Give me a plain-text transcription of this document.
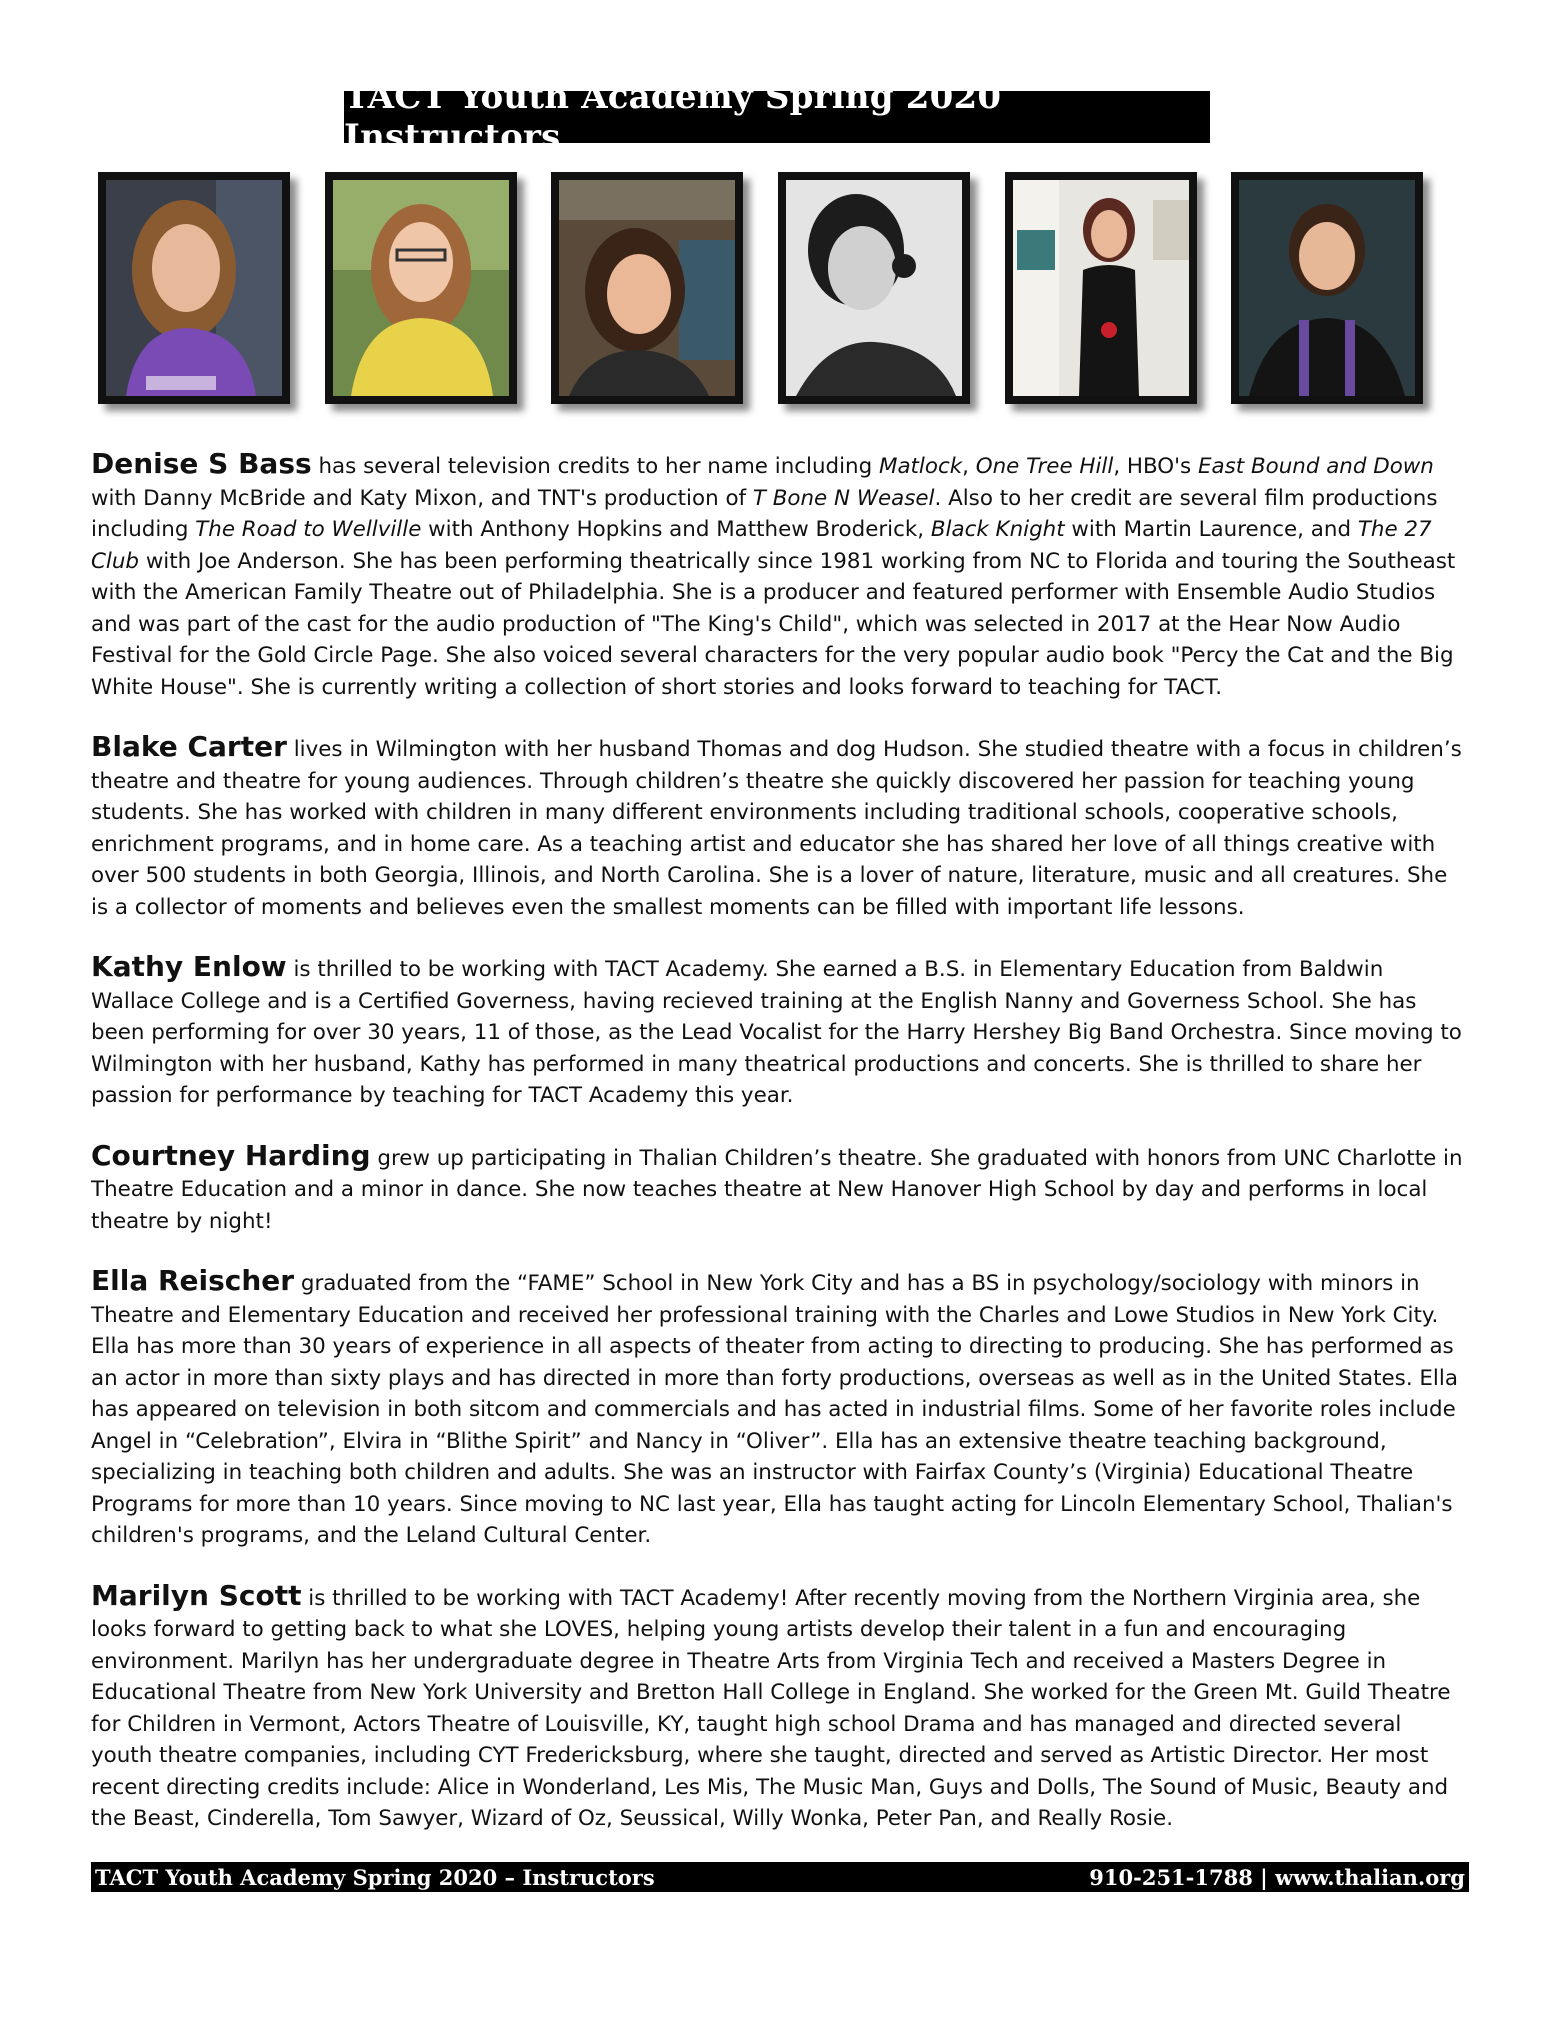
TACT Youth Academy Spring 2020 Instructors

Denise S Bass has several television credits to her name including Matlock, One Tree Hill, HBO's East Bound and Down with Danny McBride and Katy Mixon, and TNT's production of T Bone N Weasel. Also to her credit are several film productions including The Road to Wellville with Anthony Hopkins and Matthew Broderick, Black Knight with Martin Laurence, and The 27 Club with Joe Anderson. She has been performing theatrically since 1981 working from NC to Florida and touring the Southeast with the American Family Theatre out of Philadelphia. She is a producer and featured performer with Ensemble Audio Studios and was part of the cast for the audio production of "The King's Child", which was selected in 2017 at the Hear Now Audio Festival for the Gold Circle Page. She also voiced several characters for the very popular audio book "Percy the Cat and the Big White House". She is currently writing a collection of short stories and looks forward to teaching for TACT.

Blake Carter lives in Wilmington with her husband Thomas and dog Hudson. She studied theatre with a focus in children’s theatre and theatre for young audiences. Through children’s theatre she quickly discovered her passion for teaching young students. She has worked with children in many different environments including traditional schools, cooperative schools, enrichment programs, and in home care. As a teaching artist and educator she has shared her love of all things creative with over 500 students in both Georgia, Illinois, and North Carolina. She is a lover of nature, literature, music and all creatures. She is a collector of moments and believes even the smallest moments can be filled with important life lessons.

Kathy Enlow is thrilled to be working with TACT Academy. She earned a B.S. in Elementary Education from Baldwin Wallace College and is a Certified Governess, having recieved training at the English Nanny and Governess School. She has been performing for over 30 years, 11 of those, as the Lead Vocalist for the Harry Hershey Big Band Orchestra. Since moving to Wilmington with her husband, Kathy has performed in many theatrical productions and concerts. She is thrilled to share her passion for performance by teaching for TACT Academy this year.

Courtney Harding grew up participating in Thalian Children’s theatre. She graduated with honors from UNC Charlotte in Theatre Education and a minor in dance. She now teaches theatre at New Hanover High School by day and performs in local theatre by night!

Ella Reischer graduated from the “FAME” School in New York City and has a BS in psychology/sociology with minors in Theatre and Elementary Education and received her professional training with the Charles and Lowe Studios in New York City. Ella has more than 30 years of experience in all aspects of theater from acting to directing to producing. She has performed as an actor in more than sixty plays and has directed in more than forty productions, overseas as well as in the United States. Ella has appeared on television in both sitcom and commercials and has acted in industrial films. Some of her favorite roles include Angel in “Celebration”, Elvira in “Blithe Spirit” and Nancy in “Oliver”. Ella has an extensive theatre teaching background, specializing in teaching both children and adults. She was an instructor with Fairfax County’s (Virginia) Educational Theatre Programs for more than 10 years. Since moving to NC last year, Ella has taught acting for Lincoln Elementary School, Thalian's children's programs, and the Leland Cultural Center.

Marilyn Scott is thrilled to be working with TACT Academy! After recently moving from the Northern Virginia area, she looks forward to getting back to what she LOVES, helping young artists develop their talent in a fun and encouraging environment. Marilyn has her undergraduate degree in Theatre Arts from Virginia Tech and received a Masters Degree in Educational Theatre from New York University and Bretton Hall College in England. She worked for the Green Mt. Guild Theatre for Children in Vermont, Actors Theatre of Louisville, KY, taught high school Drama and has managed and directed several youth theatre companies, including CYT Fredericksburg, where she taught, directed and served as Artistic Director. Her most recent directing credits include: Alice in Wonderland, Les Mis, The Music Man, Guys and Dolls, The Sound of Music, Beauty and the Beast, Cinderella, Tom Sawyer, Wizard of Oz, Seussical, Willy Wonka, Peter Pan, and Really Rosie.

TACT Youth Academy Spring 2020 – Instructors	910-251-1788 | www.thalian.org
